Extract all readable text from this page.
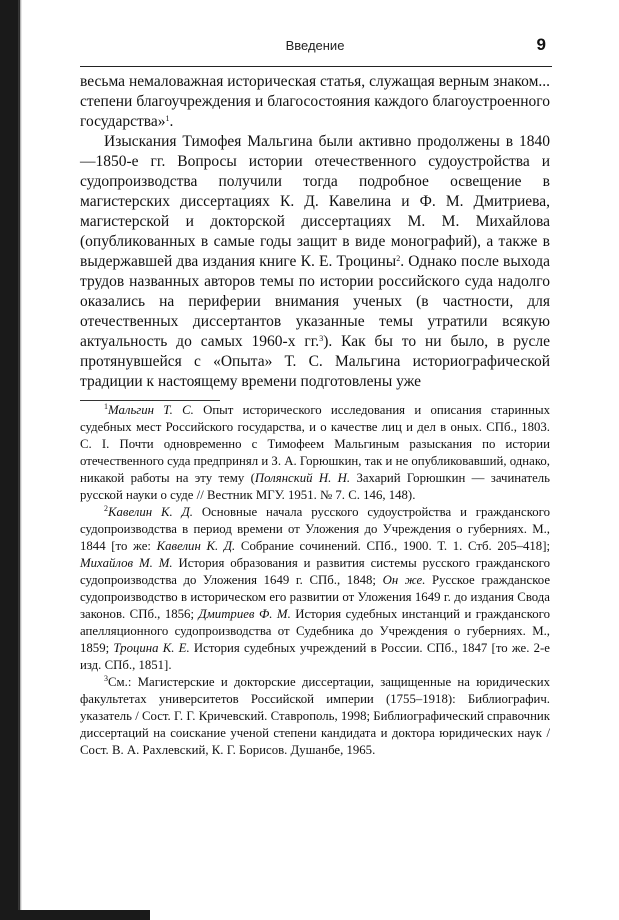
Введение	9

весьма немаловажная историческая статья, служащая верным знаком... степени благоучреждения и благосостояния каждого благоустроенного государства»$^1$.

Изыскания Тимофея Мальгина были активно продолжены в 1840—1850-е гг. Вопросы истории отечественного судоустройства и судопроизводства получили тогда подробное освещение в магистерских диссертациях К. Д. Кавелина и Ф. М. Дмитриева, магистерской и докторской диссертациях М. М. Михайлова (опубликованных в самые годы защит в виде монографий), а также в выдержавшей два издания книге К. Е. Троцины$^2$. Однако после выхода трудов названных авторов темы по истории российского суда надолго оказались на периферии внимания ученых (в частности, для отечественных диссертантов указанные темы утратили всякую актуальность до самых 1960-х гг.$^3$). Как бы то ни было, в русле протянувшейся с «Опыта» Т. С. Мальгина историографической традиции к настоящему времени подготовлены уже

$^1$Мальгин Т. С. Опыт исторического исследования и описания старинных судебных мест Российского государства, и о качестве лиц и дел в оных. СПб., 1803. С. I. Почти одновременно с Тимофеем Мальгиным разыскания по истории отечественного суда предпринял и З. А. Горюшкин, так и не опубликовавший, однако, никакой работы на эту тему (Полянский Н. Н. Захарий Горюшкин — зачинатель русской науки о суде // Вестник МГУ. 1951. № 7. С. 146, 148).

$^2$Кавелин К. Д. Основные начала русского судоустройства и гражданского судопроизводства в период времени от Уложения до Учреждения о губерниях. М., 1844 [то же: Кавелин К. Д. Собрание сочинений. СПб., 1900. Т. 1. Стб. 205–418]; Михайлов М. М. История образования и развития системы русского гражданского судопроизводства до Уложения 1649 г. СПб., 1848; Он же. Русское гражданское судопроизводство в историческом его развитии от Уложения 1649 г. до издания Свода законов. СПб., 1856; Дмитриев Ф. М. История судебных инстанций и гражданского апелляционного судопроизводства от Судебника до Учреждения о губерниях. М., 1859; Троцина К. Е. История судебных учреждений в России. СПб., 1847 [то же. 2-е изд. СПб., 1851].

$^3$См.: Магистерские и докторские диссертации, защищенные на юридических факультетах университетов Российской империи (1755–1918): Библиографич. указатель / Сост. Г. Г. Кричевский. Ставрополь, 1998; Библиографический справочник диссертаций на соискание ученой степени кандидата и доктора юридических наук / Сост. В. А. Рахлевский, К. Г. Борисов. Душанбе, 1965.
